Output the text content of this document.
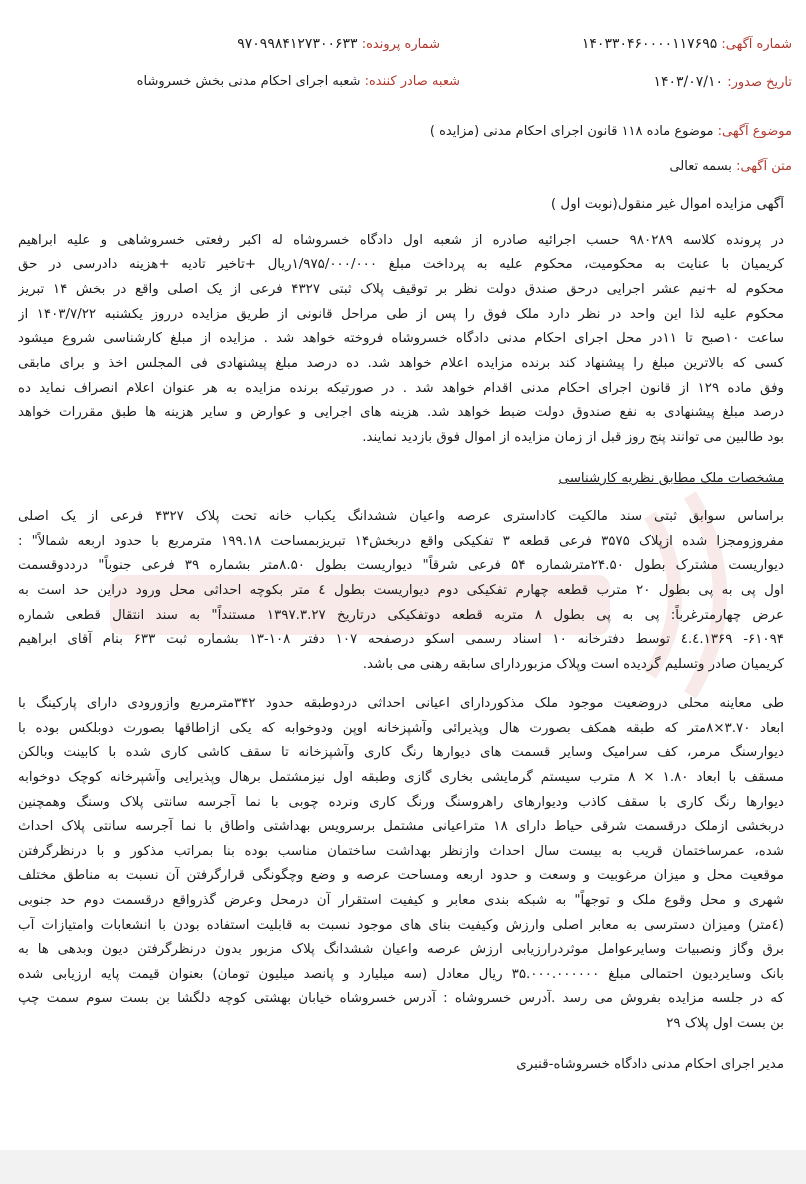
شماره آگهی: ۱۴۰۳۳۰۴۶۰۰۰۰۱۱۷۶۹۵
شماره پرونده: ۹۷۰۹۹۸۴۱۲۷۳۰۰۶۳۳
تاریخ صدور: ۱۴۰۳/۰۷/۱۰
شعبه صادر کننده: شعبه اجرای احکام مدنی بخش خسروشاه
موضوع آگهی: موضوع ماده ۱۱۸ قانون اجرای احکام مدنی (مزایده )
متن آگهی: بسمه تعالی
آگهی مزایده اموال غیر منقول(نوبت اول )
در پرونده کلاسه ۹۸۰۲۸۹ حسب اجرائیه صادره از شعبه اول دادگاه خسروشاه له اکبر رفعتی خسروشاهی و علیه ابراهیم
کریمیان با عنایت به محکومیت، محکوم علیه به پرداخت مبلغ ۱/۹۷۵/۰۰۰/۰۰۰ریال +تاخیر تادیه +هزینه دادرسی در حق
محکوم له +نیم عشر اجرایی درحق صندق دولت نظر بر توقیف پلاک ثبتی ۴۳۲۷ فرعی از یک اصلی واقع در بخش ۱۴ تبریز
محکوم علیه لذا این واحد در نظر دارد ملک فوق را پس از طی مراحل قانونی از طریق مزایده درروز یکشنبه ۱۴۰۳/۷/۲۲ از
ساعت ۱۰صبح تا ۱۱در محل اجرای احکام مدنی دادگاه خسروشاه فروخته خواهد شد . مزایده از مبلغ کارشناسی شروع میشود
کسی که بالاترین مبلغ را پیشنهاد کند برنده مزایده اعلام خواهد شد. ده درصد مبلغ پیشنهادی فی المجلس اخذ و برای مابقی
وفق ماده ۱۲۹ از قانون اجرای احکام مدنی اقدام خواهد شد . در صورتیکه برنده مزایده به هر عنوان اعلام انصراف نماید ده
درصد مبلغ پیشنهادی به نفع صندوق دولت ضبط خواهد شد. هزینه های اجرایی و عوارض و سایر هزینه ها طبق مقررات خواهد
بود طالبین می توانند پنج روز قبل از زمان مزایده از اموال فوق بازدید نمایند.
مشخصات ملک مطابق نظریه کارشناسی
براساس سوابق ثبتی سند مالکیت کاداستری عرصه واعیان ششدانگ یکباب خانه تحت پلاک ۴۳۲۷ فرعی از یک اصلی
مفروزومجزا شده ازپلاک ۳۵۷۵ فرعی قطعه ۳ تفکیکی واقع دربخش۱۴ تبریزبمساحت ۱۹۹.۱۸ مترمربع با حدود اربعه شمالاً" :
دیواریست مشترک بطول ۲۴.۵۰مترشماره ۵۴ فرعی شرقاً" دیواریست بطول ۸.۵۰متر بشماره ۳۹ فرعی جنوباً" درددوقسمت
اول پی به پی بطول ۲۰ مترب قطعه چهارم تفکیکی دوم دیواریست بطول ٤ متر بکوچه احداثی محل ورود دراین حد است به
عرض چهارمترغرباً: پی به پی بطول ۸ متربه قطعه دوتفکیکی درتاریخ ۱۳۹۷.۳.۲۷ مستنداً" به سند انتقال قطعی شماره
۶۱۰۹۴- ۱۳۶۹.٤.٤ توسط دفترخانه ۱۰ اسناد رسمی اسکو درصفحه ۱۰۷ دفتر ۱۰۸-۱۳ بشماره ثبت ۶۳۳ بنام آقای ابراهیم
کریمیان صادر وتسلیم گردیده است وپلاک مزبوردارای سابقه رهنی می باشد.
طی معاینه محلی دروضعیت موجود ملک مذکوردارای اعیانی احداثی دردوطبقه حدود ۳۴۲مترمربع وازورودی دارای پارکینگ با
ابعاد ۳.۷۰×۸متر که طبقه همکف بصورت هال وپذیرائی وآشپزخانه اوپن ودوخوابه که یکی ازاطاقها بصورت دوبلکس بوده با
دیوارسنگ مرمر، کف سرامیک وسایر قسمت های دیوارها رنگ کاری وآشپزخانه تا سقف کاشی کاری شده با کابینت وبالکن
مسقف با ابعاد ۱.۸۰ × ۸ مترب سیستم گرمایشی بخاری گازی وطبقه اول نیزمشتمل برهال وپذیرایی وآشپرخانه کوچک دوخوابه
دیوارها رنگ کاری با سقف کاذب ودیوارهای راهروسنگ ورنگ کاری ونرده چوبی با نما آجرسه سانتی پلاک وسنگ وهمچنین
دربخشی ازملک درقسمت شرقی حیاط دارای ۱۸ متراعیانی مشتمل برسرویس بهداشتی واطاق با نما آجرسه سانتی پلاک احداث
شده، عمرساختمان قریب به بیست سال احداث وازنظر بهداشت ساختمان مناسب بوده بنا بمراتب مذکور و با درنظرگرفتن
موقعیت محل و میزان مرغوبیت و وسعت و حدود اربعه ومساحت عرصه و وضع وچگونگی قرارگرفتن آن نسبت به مناطق مختلف
شهری و محل وقوع ملک و توجهاً" به شبکه بندی معابر و کیفیت استقرار آن درمحل وعرض گذرواقع درقسمت دوم حد جنوبی
(٤متر) ومیزان دسترسی به معابر اصلی وارزش وکیفیت بنای های موجود نسبت به قابلیت استفاده بودن با انشعابات وامتیازات آب
برق وگاز ونصبیات وسایرعوامل موثردرارزیابی ارزش عرصه واعیان ششدانگ پلاک مزبور بدون درنظرگرفتن دیون وبدهی ها به
بانک وسایردیون احتمالی مبلغ ۳۵.۰۰۰.۰۰۰۰۰۰ ریال معادل (سه میلیارد و پانصد میلیون تومان) بعنوان قیمت پایه ارزیابی شده
که در جلسه مزایده بفروش می رسد .آدرس خسروشاه : آدرس خسروشاه خیابان بهشتی کوچه دلگشا بن بست سوم سمت چپ
بن بست اول پلاک ۲۹
مدیر اجرای احکام مدنی دادگاه خسروشاه-قنبری
